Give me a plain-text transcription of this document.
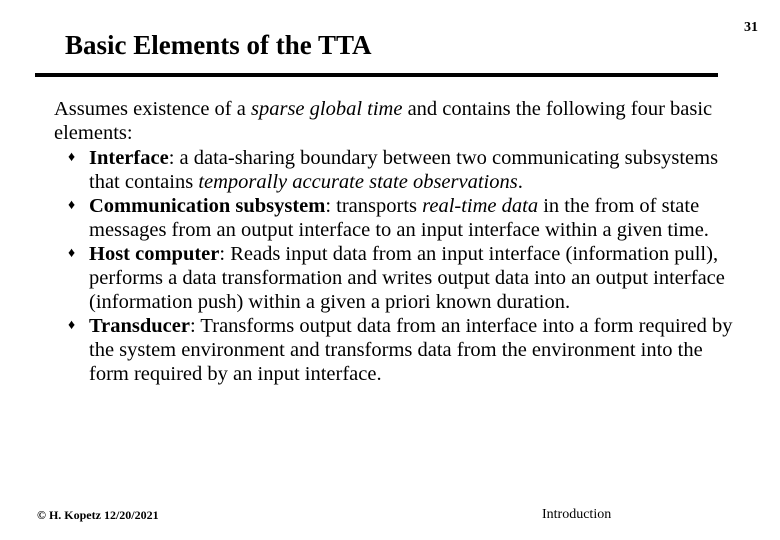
31
Basic Elements of the TTA

Assumes existence of a sparse global time and contains the following four basic elements:

♦ Interface: a data-sharing boundary between two communicating subsystems that contains temporally accurate state observations.
♦ Communication subsystem: transports real-time data in the from of state messages from an output interface to an input interface within a given time.
♦ Host computer: Reads input data from an input interface (information pull), performs a data transformation and writes output data into an output interface (information push) within a given a priori known duration.
♦ Transducer: Transforms output data from an interface into a form required by the system environment and transforms data from the environment into the form required by an input interface.
© H. Kopetz 12/20/2021	Introduction
